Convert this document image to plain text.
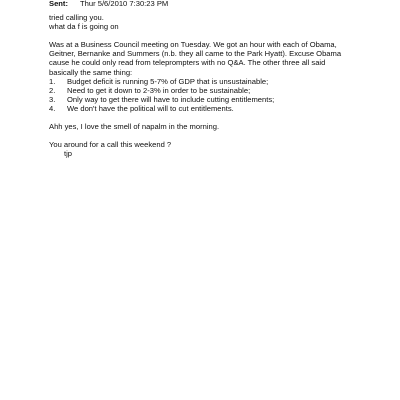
Sent: Thur 5/6/2010 7:30:23 PM
tried calling you.
what da f is going on
Was at a Business Council meeting on Tuesday. We got an hour with each of Obama,
Geitner, Bernanke and Summers (n.b. they all came to the Park Hyatt). Excuse Obama
cause he could only read from teleprompters with no Q&A. The other three all said
basically the same thing:
1. Budget deficit is running 5-7% of GDP that is unsustainable;
2. Need to get it down to 2-3% in order to be sustainable;
3. Only way to get there will have to include cutting entitlements;
4. We don't have the political will to cut entitlements.
Ahh yes, I love the smell of napalm in the morning.
You around for a call this weekend ?
tjp
